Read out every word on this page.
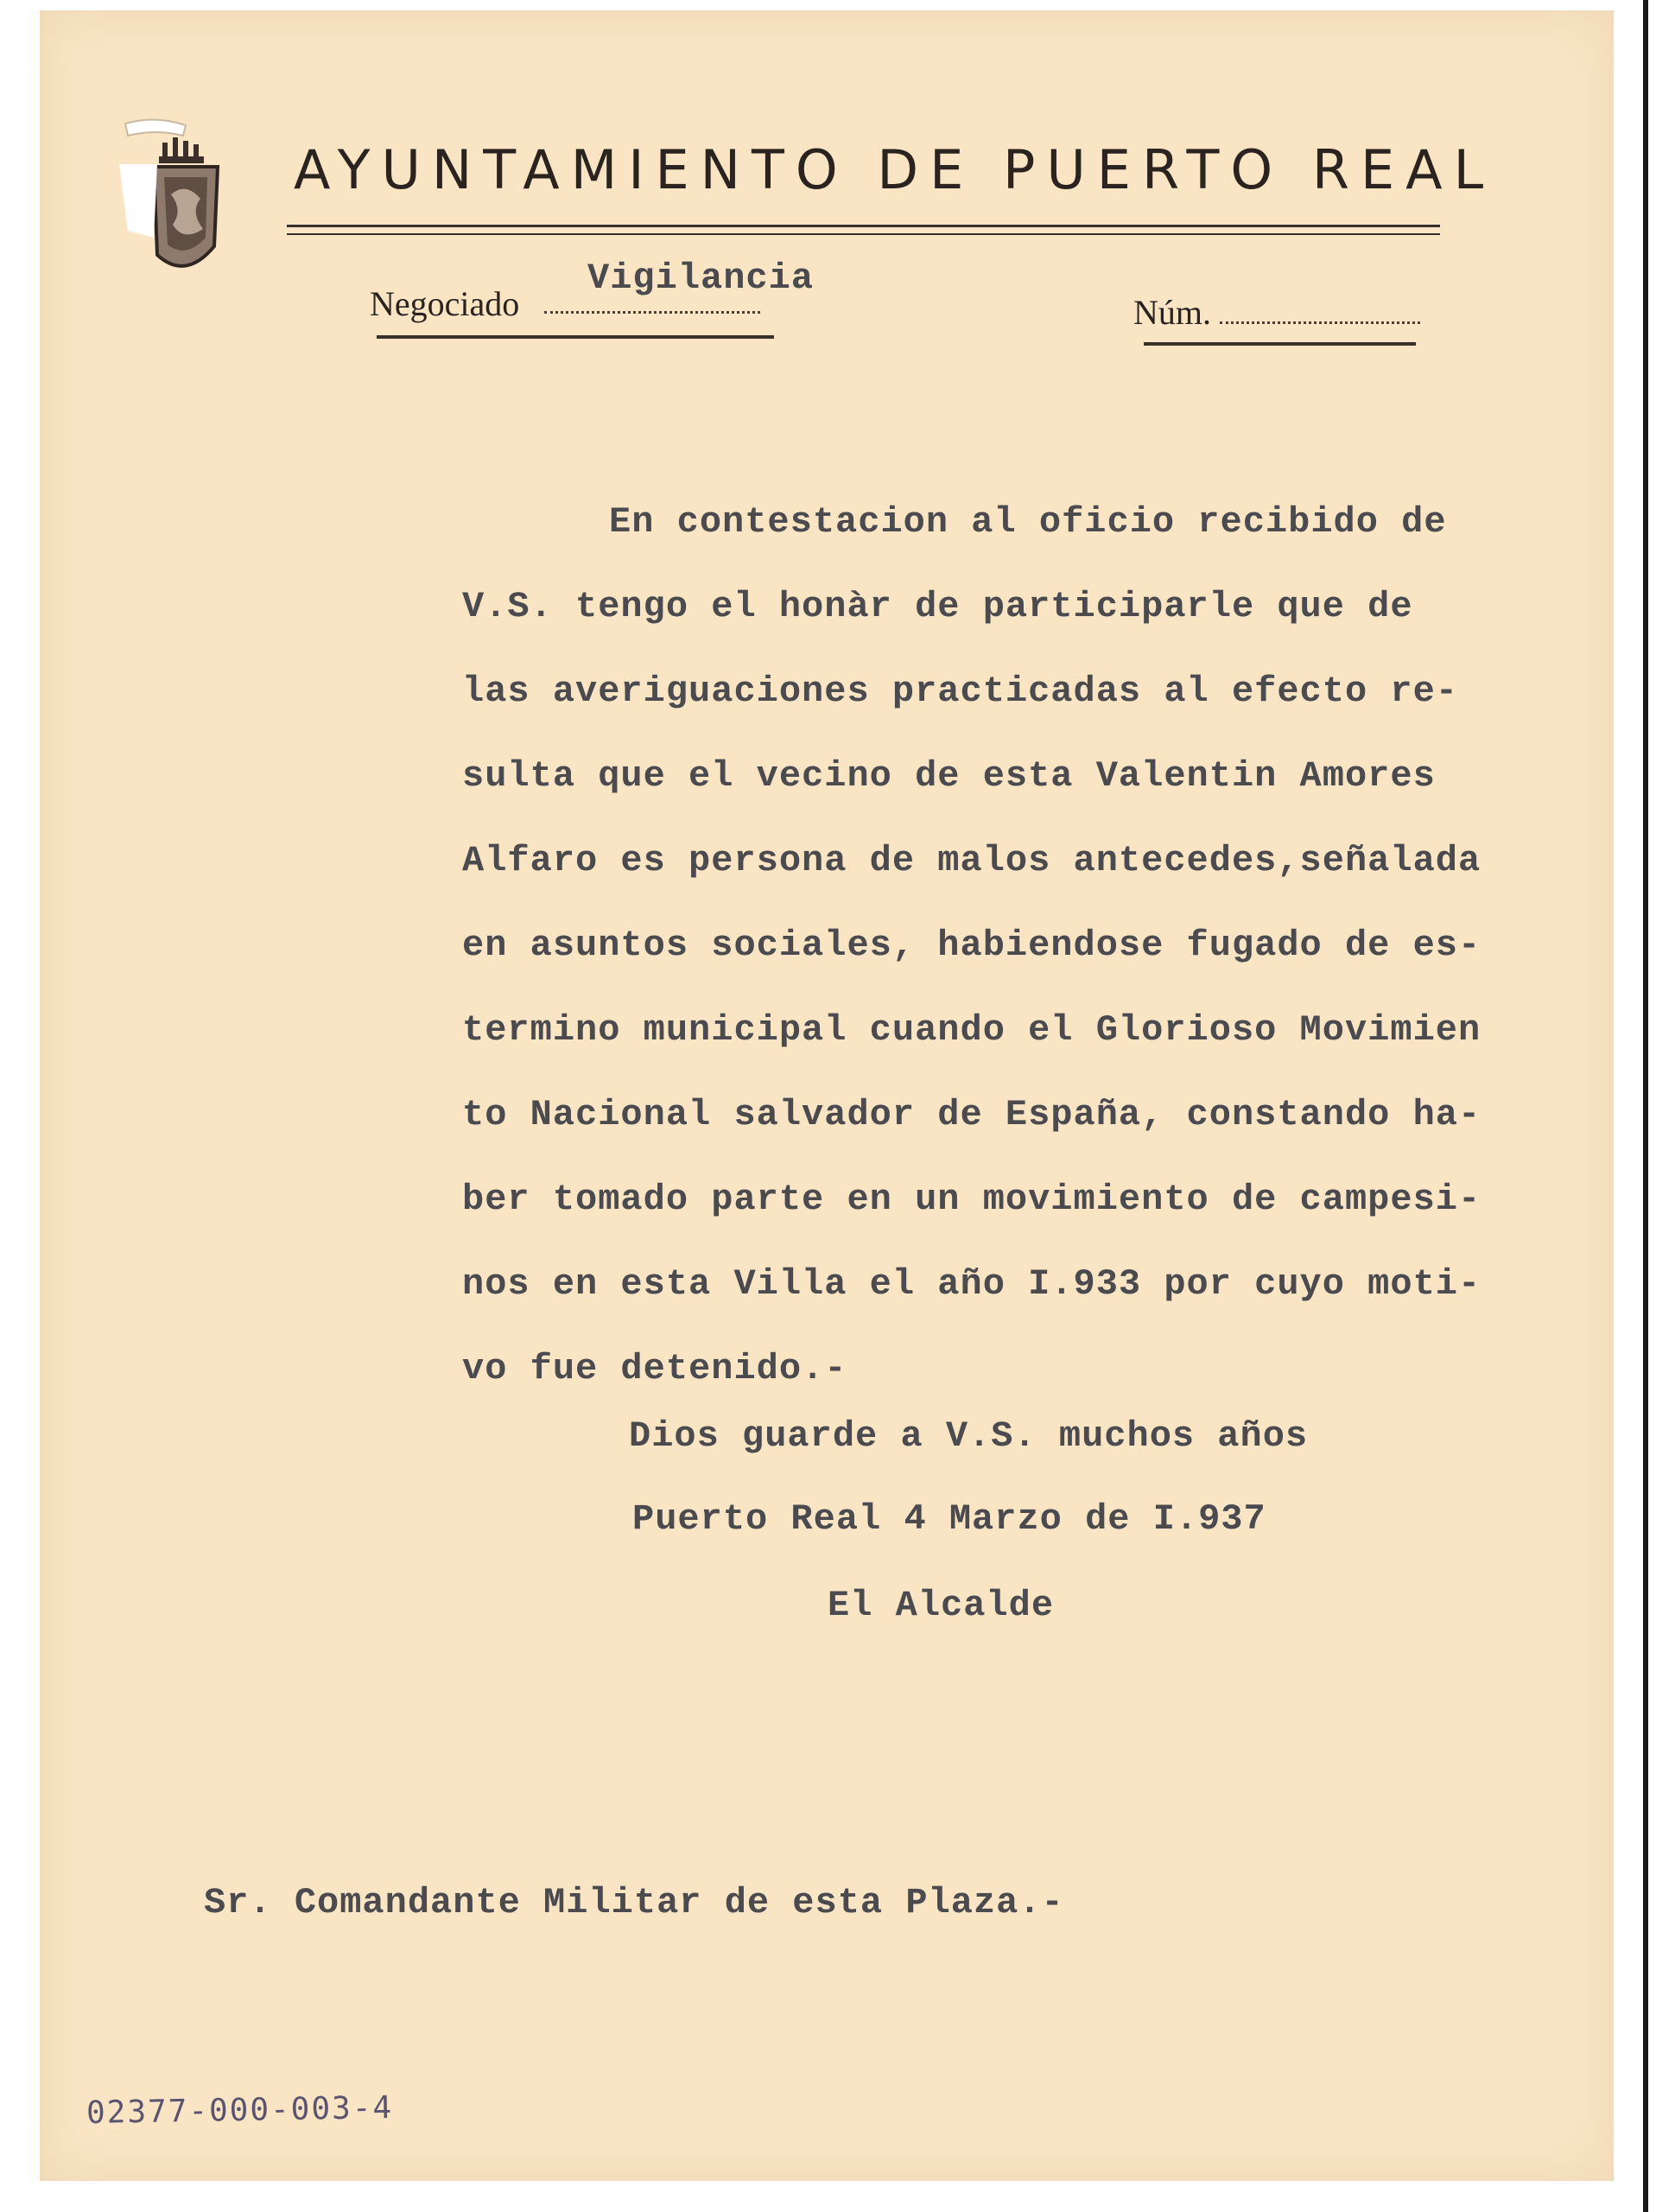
AYUNTAMIENTO DE PUERTO REAL
Negociado
Vigilancia
Núm.
En contestacion al oficio recibido de
V.S. tengo el honàr de participarle que de
las averiguaciones practicadas al efecto re-
sulta que el vecino de esta Valentin Amores
Alfaro es persona de malos antecedes,señalada
en asuntos sociales, habiendose fugado de es-
termino municipal cuando el Glorioso Movimien
to Nacional salvador de España, constando ha-
ber tomado parte en un movimiento de campesi-
nos en esta Villa el año I.933 por cuyo moti-
vo fue detenido.-
Dios guarde a V.S. muchos años
Puerto Real 4 Marzo de I.937
El Alcalde
Sr. Comandante Militar de esta Plaza.-
02377-000-003-4
